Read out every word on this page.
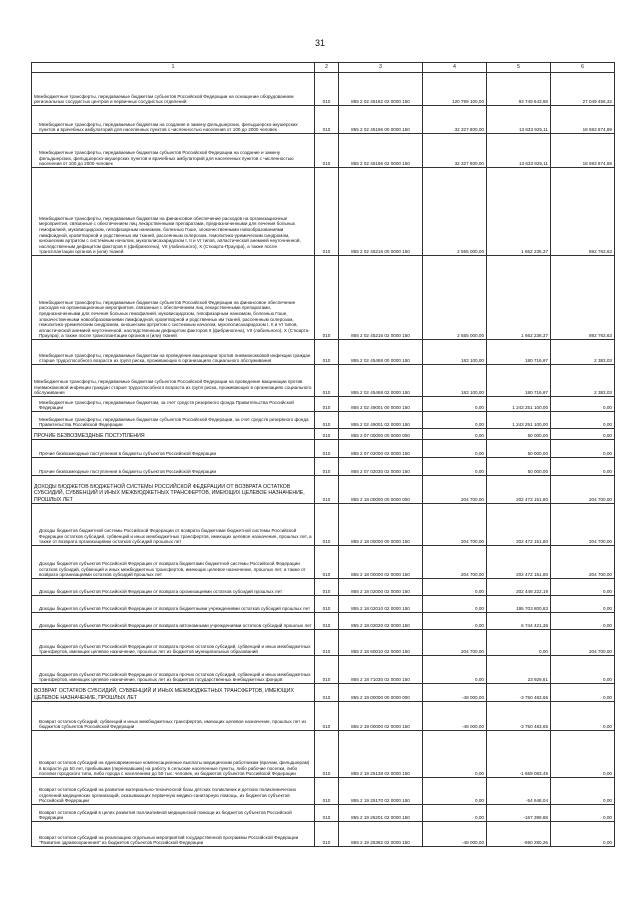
31
1	2	3	4	5	6
Межбюджетные трансферты, передаваемые бюджетам субъектов Российской Федерации на оснащение оборудованием региональных сосудистых центров и первичных сосудистых отделений	010	855 2 02 45192 02 0000 150	120 799 100,00	93 749 643,68	27 049 456,32
Межбюджетные трансферты, передаваемые бюджетам на создание и замену фельдшерских, фельдшерско-акушерских пунктов и врачебных амбулаторий для населенных пунктов с численностью населения от 100 до 2000 человек	010	855 2 02 45196 00 0000 150	32 327 800,00	13 633 925,11	18 693 874,89
Межбюджетные трансферты, передаваемые бюджетам субъектов Российской Федерации на создание и замену фельдшерских, фельдшерско-акушерских пунктов и врачебных амбулаторий для населенных пунктов с численностью населения от 100 до 2000 человек	010	855 2 02 45196 02 0000 150	32 327 800,00	13 633 925,11	18 693 874,89
Межбюджетные трансферты, передаваемые бюджетам на финансовое обеспечение расходов на организационные мероприятия, связанные с обеспечением лиц лекарственными препаратами, предназначенными для лечения больных гемофилией, муковисцидозом, гипофизарным нанизмом, болезнью Гоше, злокачественными новообразованиями лимфоидной, кроветворной и родственных им тканей, рассеянным склерозом, гемолитико-уремическим синдромом, юношеским артритом с системным началом, мукополисахаридозом I, II и VI типов, апластической анемией неуточненной, наследственным дефицитом факторов II (фибриногена), VII (лабильного), X (Стюарта-Прауэра), а также после трансплантации органов и (или) тканей	010	855 2 02 45216 00 0000 150	2 555 000,00	1 662 236,37	892 763,63
Межбюджетные трансферты, передаваемые бюджетам субъектов Российской Федерации на финансовое обеспечение расходов на организационные мероприятия, связанные с обеспечением лиц лекарственными препаратами, предназначенными для лечения больных гемофилией, муковисцидозом, гипофизарным нанизмом, болезнью Гоше, злокачественными новообразованиями лимфоидной, кроветворной и родственных им тканей, рассеянным склерозом, гемолитико-уремическим синдромом, юношеским артритом с системным началом, мукополисахаридозом I, II и VI типов, апластической анемией неуточненной, наследственным дефицитом факторов II (фибриногена), VII (лабильного), X (Стюарта-Прауэра), а также после трансплантации органов и (или) тканей	010	855 2 02 45216 02 0000 150	2 555 000,00	1 662 236,37	892 763,63
Межбюджетные трансферты, передаваемые бюджетам на проведение вакцинации против пневмококковой инфекции граждан старше трудоспособного возраста из групп риска, проживающих в организациях социального обслуживания	010	855 2 02 45468 00 0000 150	183 100,00	180 716,97	2 383,03
Межбюджетные трансферты, передаваемые бюджетам субъектов Российской Федерации на проведение вакцинации против пневмококковой инфекции граждан старше трудоспособного возраста из групп риска, проживающих в организациях социального обслуживания	010	855 2 02 45468 02 0000 150	183 100,00	180 716,97	2 383,03
Межбюджетные трансферты, передаваемые бюджетам, за счет средств резервного фонда Правительства Российской Федерации	010	855 2 02 49001 00 0000 150	0,00	1 243 251 100,00	0,00
Межбюджетные трансферты, передаваемые бюджетам субъектов Российской Федерации, за счет средств резервного фонда Правительства Российской Федерации	010	855 2 02 49001 02 0000 150	0,00	1 243 251 100,00	0,00
ПРОЧИЕ БЕЗВОЗМЕЗДНЫЕ ПОСТУПЛЕНИЯ	010	855 2 07 00000 00 0000 000	0,00	50 000,00	0,00
Прочие безвозмездные поступления в бюджеты субъектов Российской Федерации	010	855 2 07 02000 02 0000 150	0,00	50 000,00	0,00
Прочие безвозмездные поступления в бюджеты субъектов Российской Федерации	010	855 2 07 02030 02 0000 150	0,00	50 000,00	0,00
ДОХОДЫ БЮДЖЕТОВ БЮДЖЕТНОЙ СИСТЕМЫ РОССИЙСКОЙ ФЕДЕРАЦИИ ОТ ВОЗВРАТА ОСТАТКОВ СУБСИДИЙ, СУБВЕНЦИЙ И ИНЫХ МЕЖБЮДЖЕТНЫХ ТРАНСФЕРТОВ, ИМЕЮЩИХ ЦЕЛЕВОЕ НАЗНАЧЕНИЕ, ПРОШЛЫХ ЛЕТ	010	855 2 18 00000 00 0000 000	204 700,00	202 472 151,80	204 700,00
Доходы бюджетов бюджетной системы Российской Федерации от возврата бюджетами бюджетной системы Российской Федерации остатков субсидий, субвенций и иных межбюджетных трансфертов, имеющих целевое назначение, прошлых лет, а также от возврата организациями остатков субсидий прошлых лет	010	855 2 18 00000 00 0000 150	204 700,00	202 472 151,80	204 700,00
Доходы бюджетов субъектов Российской Федерации от возврата бюджетами бюджетной системы Российской Федерации остатков субсидий, субвенций и иных межбюджетных трансфертов, имеющих целевое назначение, прошлых лет, а также от возврата организациями остатков субсидий прошлых лет	010	855 2 18 00000 02 0000 150	204 700,00	202 472 151,80	204 700,00
Доходы бюджетов субъектов Российской Федерации от возврата организациями остатков субсидий прошлых лет	010	855 2 18 02000 02 0000 150	0,00	202 448 222,19	0,00
Доходы бюджетов субъектов Российской Федерации от возврата бюджетными учреждениями остатков субсидий прошлых лет	010	855 2 18 02010 02 0000 150	0,00	195 703 800,83	0,00
Доходы бюджетов субъектов Российской Федерации от возврата автономными учреждениями остатков субсидий прошлых лет	010	855 2 18 02020 02 0000 150	0,00	6 744 421,36	0,00
Доходы бюджетов субъектов Российской Федерации от возврата прочих остатков субсидий, субвенций и иных межбюджетных трансфертов, имеющих целевое назначение, прошлых лет из бюджетов муниципальных образований	010	855 2 18 60010 02 0000 150	204 700,00	0,00	204 700,00
Доходы бюджетов субъектов Российской Федерации от возврата прочих остатков субсидий, субвенций и иных межбюджетных трансфертов, имеющих целевое назначение, прошлых лет из бюджетов государственных внебюджетных фондов	010	855 2 18 71030 02 0000 150	0,00	23 929,61	0,00
ВОЗВРАТ ОСТАТКОВ СУБСИДИЙ, СУБВЕНЦИЙ И ИНЫХ МЕЖБЮДЖЕТНЫХ ТРАНСФЕРТОВ, ИМЕЮЩИХ ЦЕЛЕВОЕ НАЗНАЧЕНИЕ, ПРОШЛЫХ ЛЕТ	010	855 2 19 00000 00 0000 000	-48 000,00	-3 750 483,65	0,00
Возврат остатков субсидий, субвенций и иных межбюджетных трансфертов, имеющих целевое назначение, прошлых лет из бюджетов субъектов Российской Федерации	010	855 2 19 00000 02 0000 150	-48 000,00	-3 750 483,65	0,00
Возврат остатков субсидий на единовременные компенсационные выплаты медицинским работникам (врачам, фельдшерам) в возрасте до 50 лет, прибывшим (переехавшим) на работу в сельские населенные пункты, либо рабочие поселки, либо поселки городского типа, либо города с населением до 50 тыс. человек, из бюджетов субъектов Российской Федерации	010	855 2 19 25138 02 0000 150	0,00	-1 659 083,45	0,00
Возврат остатков субсидий на развитие материально-технической базы детских поликлиник и детских поликлинических отделений медицинских организаций, оказывающих первичную медико-санитарную помощь, из бюджетов субъектов Российской Федерации	010	855 2 19 25170 02 0000 150	0,00	-54 648,04	0,00
Возврат остатков субсидий в целях развития паллиативной медицинской помощи из бюджетов субъектов Российской Федерации	010	855 2 19 25201 02 0000 150	0,00	-167 399,88	0,00
Возврат остатков субсидий на реализацию отдельных мероприятий государственной программы Российской Федерации "Развитие здравоохранения" из бюджетов субъектов Российской Федерации	010	855 2 19 25382 02 0000 150	-48 000,00	-590 280,26	0,00
